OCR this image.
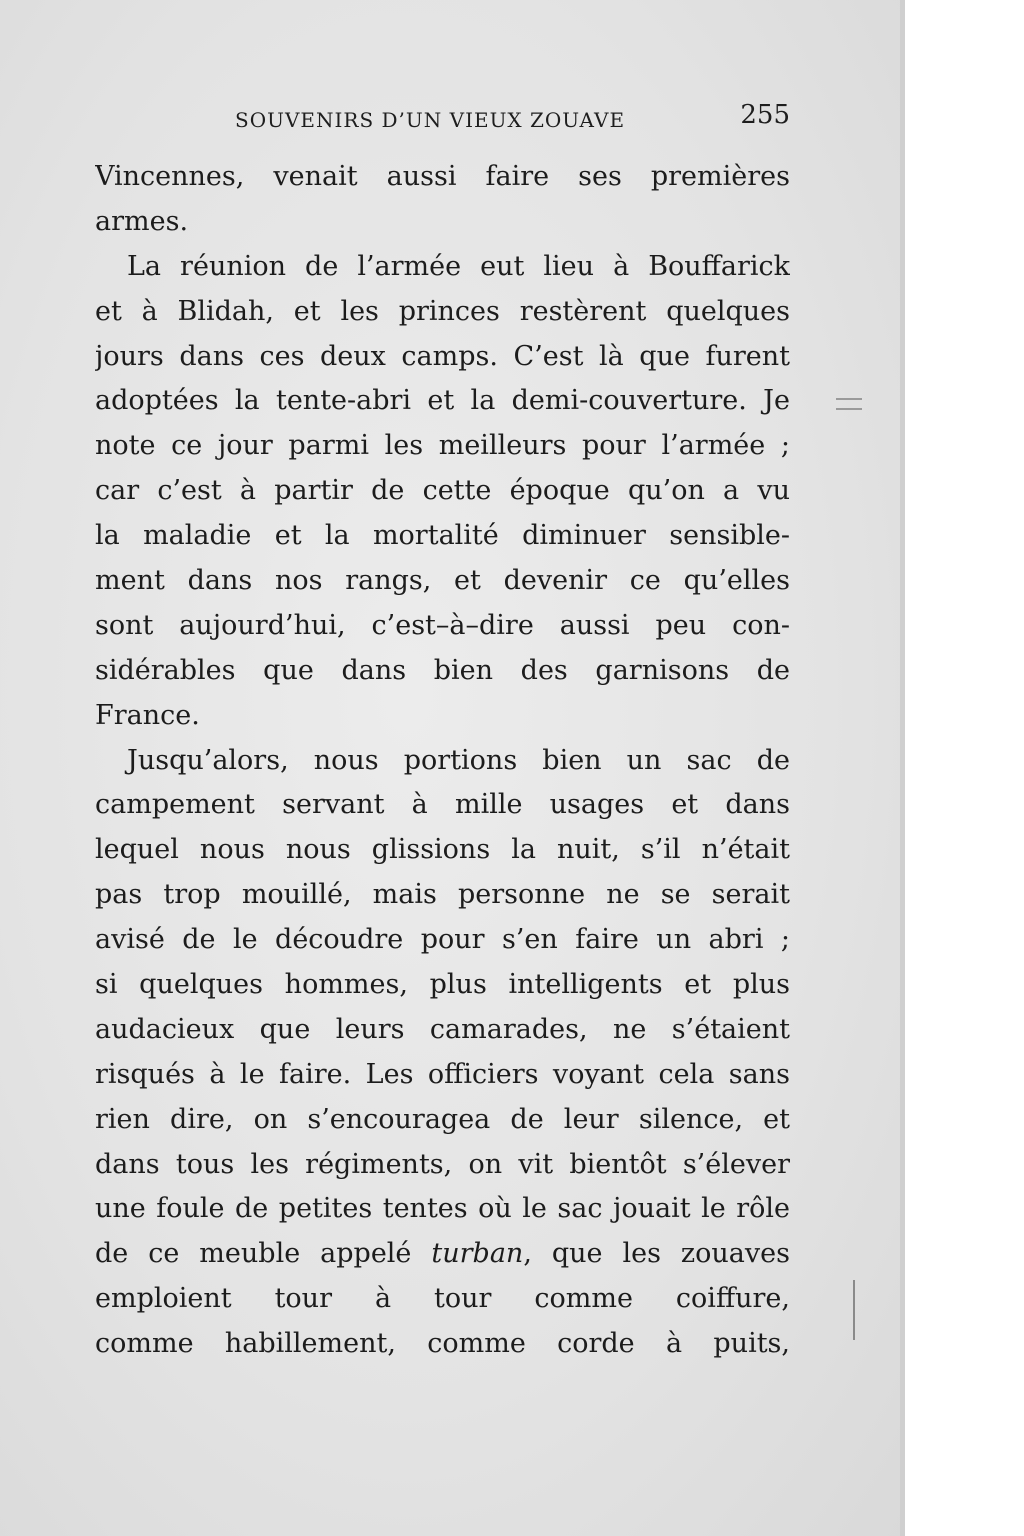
SOUVENIRS D’UN VIEUX ZOUAVE	255
Vincennes, venait aussi faire ses premières
armes.
La réunion de l’armée eut lieu à Bouffarick
et à Blidah, et les princes restèrent quelques
jours dans ces deux camps. C’est là que furent
adoptées la tente-abri et la demi-couverture. Je
note ce jour parmi les meilleurs pour l’armée ;
car c’est à partir de cette époque qu’on a vu
la maladie et la mortalité diminuer sensible-
ment dans nos rangs, et devenir ce qu’elles
sont aujourd’hui, c’est–à–dire aussi peu con-
sidérables que dans bien des garnisons de
France.
Jusqu’alors, nous portions bien un sac de
campement servant à mille usages et dans
lequel nous nous glissions la nuit, s’il n’était
pas trop mouillé, mais personne ne se serait
avisé de le découdre pour s’en faire un abri ;
si quelques hommes, plus intelligents et plus
audacieux que leurs camarades, ne s’étaient
risqués à le faire. Les officiers voyant cela sans
rien dire, on s’encouragea de leur silence, et
dans tous les régiments, on vit bientôt s’élever
une foule de petites tentes où le sac jouait le rôle
de ce meuble appelé turban, que les zouaves
emploient tour à tour comme coiffure,
comme habillement, comme corde à puits,
